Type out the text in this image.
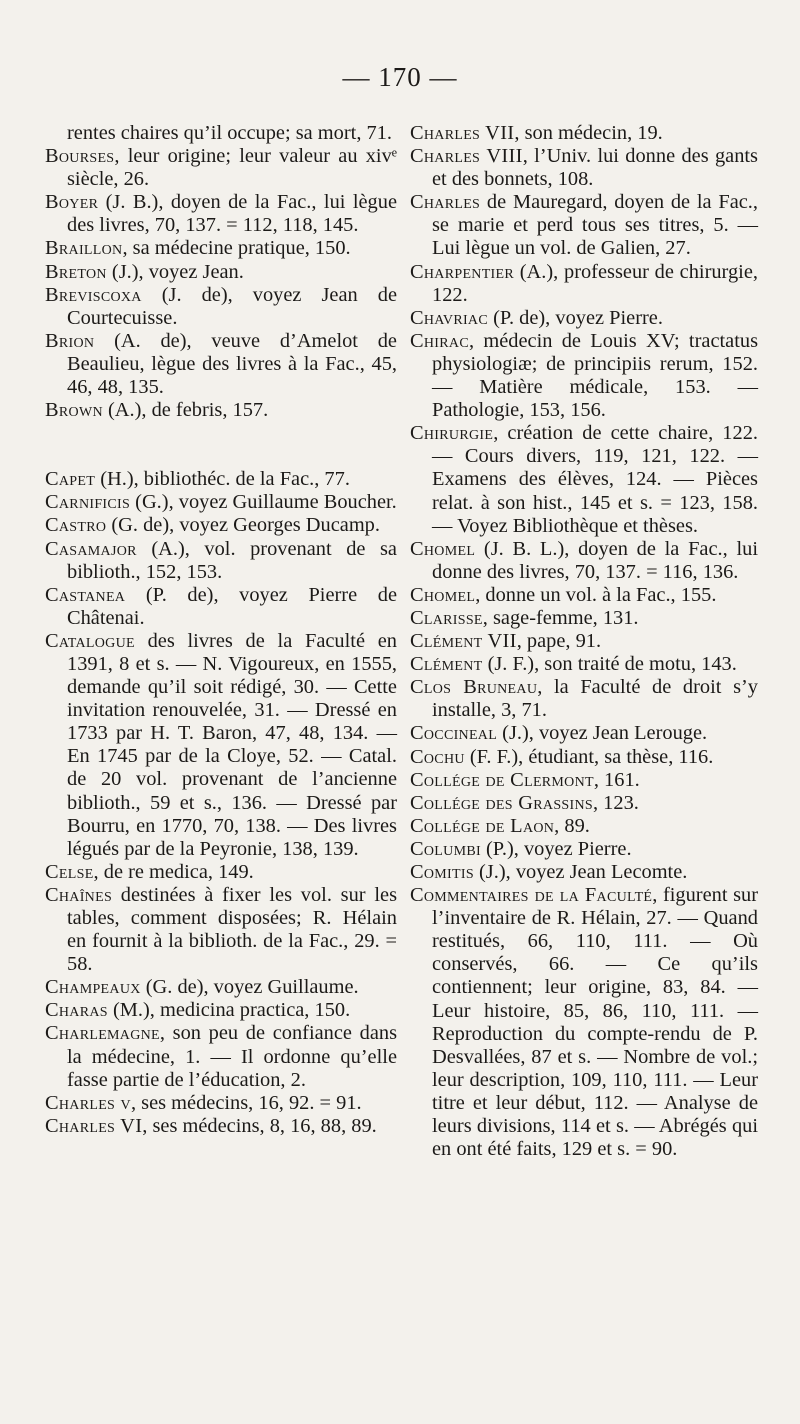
— 170 —

rentes chaires qu’il occupe; sa mort, 71.

Bourses, leur origine; leur valeur au xivᵉ siècle, 26.

Boyer (J. B.), doyen de la Fac., lui lègue des livres, 70, 137. = 112, 118, 145.

Braillon, sa médecine pratique, 150.

Breton (J.), voyez Jean.

Breviscoxa (J. de), voyez Jean de Courtecuisse.

Brion (A. de), veuve d’Amelot de Beaulieu, lègue des livres à la Fac., 45, 46, 48, 135.

Brown (A.), de febris, 157.

Capet (H.), bibliothéc. de la Fac., 77.

Carnificis (G.), voyez Guillaume Boucher.

Castro (G. de), voyez Georges Ducamp.

Casamajor (A.), vol. provenant de sa biblioth., 152, 153.

Castanea (P. de), voyez Pierre de Châtenai.

Catalogue des livres de la Faculté en 1391, 8 et s. — N. Vigoureux, en 1555, demande qu’il soit rédigé, 30. — Cette invitation renouvelée, 31. — Dressé en 1733 par H. T. Baron, 47, 48, 134. — En 1745 par de la Cloye, 52. — Catal. de 20 vol. provenant de l’ancienne biblioth., 59 et s., 136. — Dressé par Bourru, en 1770, 70, 138. — Des livres légués par de la Peyronie, 138, 139.

Celse, de re medica, 149.

Chaînes destinées à fixer les vol. sur les tables, comment disposées; R. Hélain en fournit à la biblioth. de la Fac., 29. = 58.

Champeaux (G. de), voyez Guillaume.

Charas (M.), medicina practica, 150.

Charlemagne, son peu de confiance dans la médecine, 1. — Il ordonne qu’elle fasse partie de l’éducation, 2.

Charles v, ses médecins, 16, 92. = 91.

Charles VI, ses médecins, 8, 16, 88, 89.

Charles VII, son médecin, 19.

Charles VIII, l’Univ. lui donne des gants et des bonnets, 108.

Charles de Mauregard, doyen de la Fac., se marie et perd tous ses titres, 5. — Lui lègue un vol. de Galien, 27.

Charpentier (A.), professeur de chirurgie, 122.

Chavriac (P. de), voyez Pierre.

Chirac, médecin de Louis XV; tractatus physiologiæ; de principiis rerum, 152. — Matière médicale, 153. — Pathologie, 153, 156.

Chirurgie, création de cette chaire, 122. — Cours divers, 119, 121, 122. — Examens des élèves, 124. — Pièces relat. à son hist., 145 et s. = 123, 158. — Voyez Bibliothèque et thèses.

Chomel (J. B. L.), doyen de la Fac., lui donne des livres, 70, 137. = 116, 136.

Chomel, donne un vol. à la Fac., 155.

Clarisse, sage-femme, 131.

Clément VII, pape, 91.

Clément (J. F.), son traité de motu, 143.

Clos Bruneau, la Faculté de droit s’y installe, 3, 71.

Coccineal (J.), voyez Jean Lerouge.

Cochu (F. F.), étudiant, sa thèse, 116.

Collége de Clermont, 161.

Collége des Grassins, 123.

Collége de Laon, 89.

Columbi (P.), voyez Pierre.

Comitis (J.), voyez Jean Lecomte.

Commentaires de la Faculté, figurent sur l’inventaire de R. Hélain, 27. — Quand restitués, 66, 110, 111. — Où conservés, 66. — Ce qu’ils contiennent; leur origine, 83, 84. — Leur histoire, 85, 86, 110, 111. — Reproduction du compte-rendu de P. Desvallées, 87 et s. — Nombre de vol.; leur description, 109, 110, 111. — Leur titre et leur début, 112. — Analyse de leurs divisions, 114 et s. — Abrégés qui en ont été faits, 129 et s. = 90.
